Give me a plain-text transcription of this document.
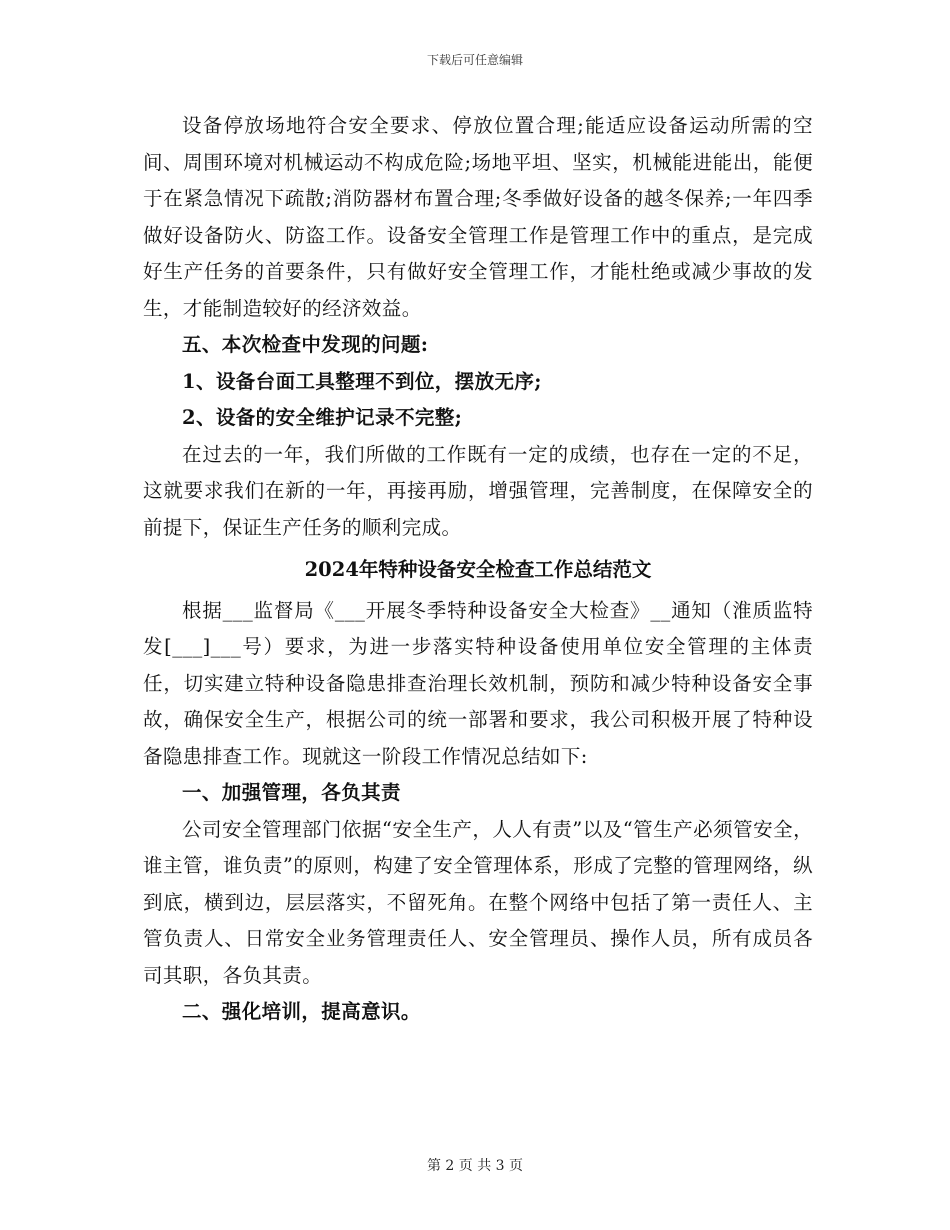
下载后可任意编辑

设备停放场地符合安全要求、停放位置合理;能适应设备运动所需的空间、周围环境对机械运动不构成危险;场地平坦、坚实，机械能进能出，能便于在紧急情况下疏散;消防器材布置合理;冬季做好设备的越冬保养;一年四季做好设备防火、防盗工作。设备安全管理工作是管理工作中的重点，是完成好生产任务的首要条件，只有做好安全管理工作，才能杜绝或减少事故的发生，才能制造较好的经济效益。

五、本次检查中发现的问题:

1、设备台面工具整理不到位，摆放无序;

2、设备的安全维护记录不完整;

在过去的一年，我们所做的工作既有一定的成绩，也存在一定的不足，这就要求我们在新的一年，再接再励，增强管理，完善制度，在保障安全的前提下，保证生产任务的顺利完成。

2024年特种设备安全检查工作总结范文

根据___监督局《___开展冬季特种设备安全大检查》__通知（淮质监特发[___]___号）要求，为进一步落实特种设备使用单位安全管理的主体责任，切实建立特种设备隐患排查治理长效机制，预防和减少特种设备安全事故，确保安全生产，根据公司的统一部署和要求，我公司积极开展了特种设备隐患排查工作。现就这一阶段工作情况总结如下:

一、加强管理，各负其责

公司安全管理部门依据“安全生产，人人有责”以及“管生产必须管安全，谁主管，谁负责”的原则，构建了安全管理体系，形成了完整的管理网络，纵到底，横到边，层层落实，不留死角。在整个网络中包括了第一责任人、主管负责人、日常安全业务管理责任人、安全管理员、操作人员，所有成员各司其职，各负其责。

二、强化培训，提高意识。

第 2 页 共 3 页
